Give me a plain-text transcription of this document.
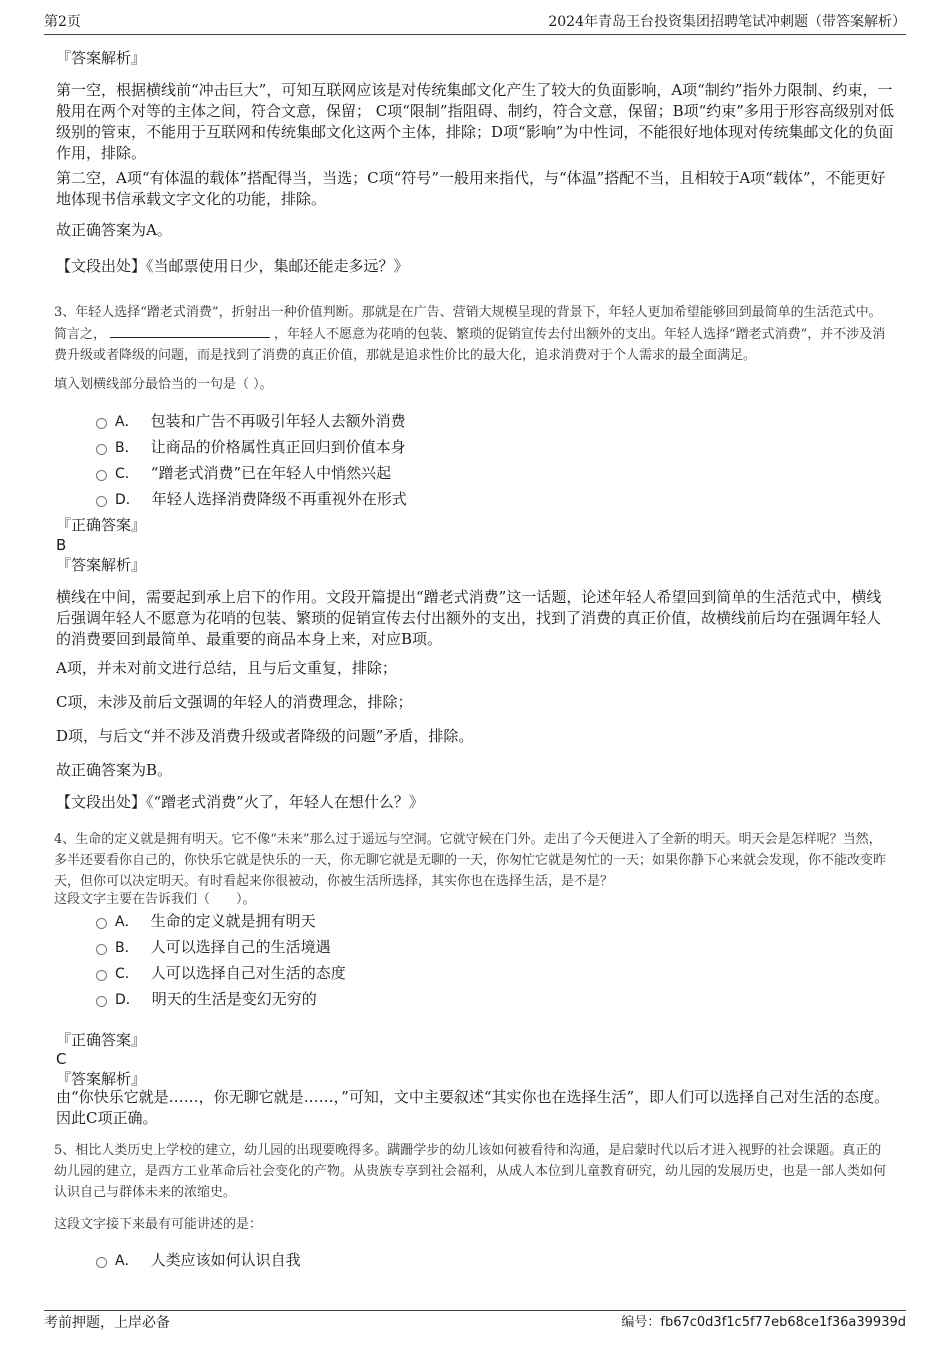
第2页	2024年青岛王台投资集团招聘笔试冲刺题（带答案解析）
『答案解析』
第一空，根据横线前“冲击巨大”，可知互联网应该是对传统集邮文化产生了较大的负面影响，A项“制约”指外力限制、约束，一般用在两个对等的主体之间，符合文意，保留； C项“限制”指阻碍、制约，符合文意，保留；B项“约束”多用于形容高级别对低级别的管束，不能用于互联网和传统集邮文化这两个主体，排除；D项“影响”为中性词，不能很好地体现对传统集邮文化的负面作用，排除。
第二空，A项“有体温的载体”搭配得当，当选；C项“符号”一般用来指代，与“体温”搭配不当，且相较于A项“载体”，不能更好地体现书信承载文字文化的功能，排除。
故正确答案为A。
【文段出处】《当邮票使用日少，集邮还能走多远？》
3、年轻人选择“蹭老式消费”，折射出一种价值判断。那就是在广告、营销大规模呈现的背景下，年轻人更加希望能够回到最简单的生活范式中。简言之，	，年轻人不愿意为花哨的包装、繁琐的促销宣传去付出额外的支出。年轻人选择“蹭老式消费”，并不涉及消费升级或者降级的问题，而是找到了消费的真正价值，那就是追求性价比的最大化，追求消费对于个人需求的最全面满足。
填入划横线部分最恰当的一句是（ ）。
A． 包装和广告不再吸引年轻人去额外消费
B． 让商品的价格属性真正回归到价值本身
C． “蹭老式消费”已在年轻人中悄然兴起
D． 年轻人选择消费降级不再重视外在形式
『正确答案』
B
『答案解析』
横线在中间，需要起到承上启下的作用。文段开篇提出“蹭老式消费”这一话题，论述年轻人希望回到简单的生活范式中，横线后强调年轻人不愿意为花哨的包装、繁琐的促销宣传去付出额外的支出，找到了消费的真正价值，故横线前后均在强调年轻人的消费要回到最简单、最重要的商品本身上来，对应B项。
A项，并未对前文进行总结，且与后文重复，排除；
C项，未涉及前后文强调的年轻人的消费理念，排除；
D项，与后文“并不涉及消费升级或者降级的问题”矛盾，排除。
故正确答案为B。
【文段出处】《“蹭老式消费”火了，年轻人在想什么？》
4、生命的定义就是拥有明天。它不像“未来”那么过于遥远与空洞。它就守候在门外。走出了今天便进入了全新的明天。明天会是怎样呢？当然，多半还要看你自己的，你快乐它就是快乐的一天，你无聊它就是无聊的一天，你匆忙它就是匆忙的一天；如果你静下心来就会发现，你不能改变昨天，但你可以决定明天。有时看起来你很被动，你被生活所选择，其实你也在选择生活，是不是？
这段文字主要在告诉我们（　　）。
A． 生命的定义就是拥有明天
B． 人可以选择自己的生活境遇
C． 人可以选择自己对生活的态度
D． 明天的生活是变幻无穷的
『正确答案』
C
『答案解析』
由“你快乐它就是……，你无聊它就是……，”可知，文中主要叙述“其实你也在选择生活”，即人们可以选择自己对生活的态度。因此C项正确。
5、相比人类历史上学校的建立，幼儿园的出现要晚得多。蹒跚学步的幼儿该如何被看待和沟通，是启蒙时代以后才进入视野的社会课题。真正的幼儿园的建立，是西方工业革命后社会变化的产物。从贵族专享到社会福利，从成人本位到儿童教育研究，幼儿园的发展历史，也是一部人类如何认识自己与群体未来的浓缩史。
这段文字接下来最有可能讲述的是：
A． 人类应该如何认识自我
考前押题，上岸必备	编号：fb67c0d3f1c5f77eb68ce1f36a39939d
